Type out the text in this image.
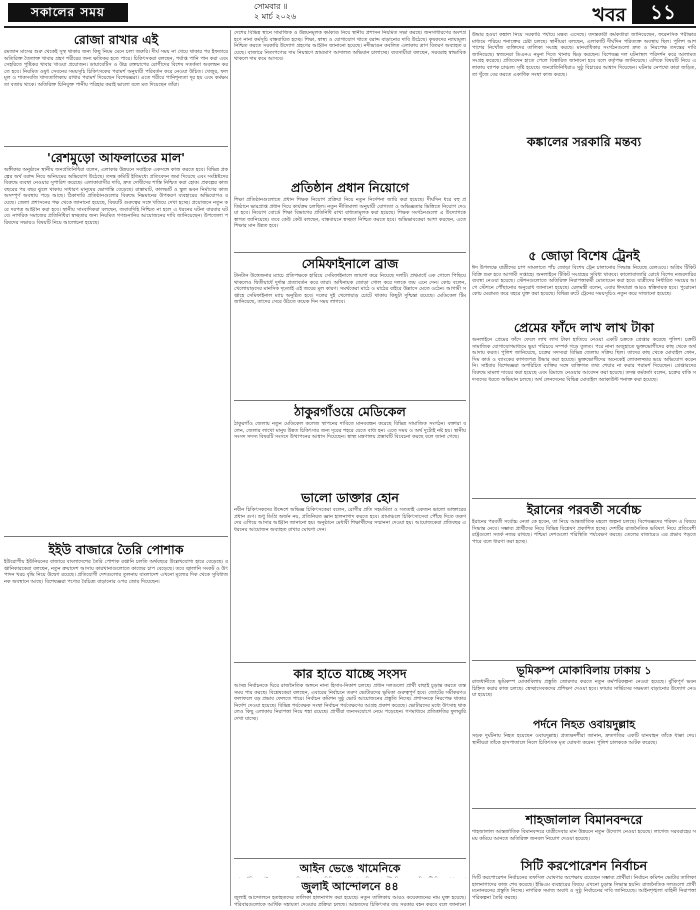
সকালের সময়	সোমবার ॥
২ মার্চ ২০২৬	খবর	১১
রোজা রাখার এই
রমজান মাসের শুরু থেকেই সুস্থ থাকার জন্য কিছু নিয়ম মেনে চলা জরুরি। দীর্ঘ সময় না খেয়ে থাকার পর ইফতারে অতিরিক্ত তৈলাক্ত খাবার গ্রহণ শরীরের জন্য ক্ষতিকর হতে পারে। চিকিৎসকরা বলছেন, পর্যাপ্ত পানি পান করা এবং সেহরিতে পুষ্টিকর খাবার খাওয়া প্রয়োজন। ডায়াবেটিস ও উচ্চ রক্তচাপের রোগীদের বিশেষ সতর্কতা অবলম্বন করতে হবে। নিয়মিত ওষুধ সেবনের সময়সূচি চিকিৎসকের পরামর্শ অনুযায়ী পরিবর্তন করে নেওয়া উচিত। খেজুর, ফলমূল ও শাকসবজি খাদ্যতালিকায় রাখার পরামর্শ দিয়েছেন বিশেষজ্ঞরা। এতে শরীরে পানিশূন্যতা দূর হয় এবং কর্মক্ষমতা বজায় থাকে। অতিরিক্ত চিনিযুক্ত পানীয় পরিহার করাই ভালো বলে মত দিয়েছেন তাঁরা।
'রেশমুড়ো আফলাতের মাল'
অঙ্গীকার অনুষ্ঠানে স্থানীয় জনপ্রতিনিধিরা বলেন, এলাকার উন্নয়নে সবাইকে একসঙ্গে কাজ করতে হবে। বিভিন্ন প্রকল্পের অর্থ বরাদ্দ নিয়ে অনিয়মের অভিযোগ উঠেছে। তদন্ত কমিটি ইতিমধ্যে প্রতিবেদন জমা দিয়েছে এবং সংশ্লিষ্টদের বিরুদ্ধে ব্যবস্থা নেওয়ার সুপারিশ করেছে। এলাকাবাসীর দাবি, দ্রুত দোষীদের শাস্তি নিশ্চিত করা হোক। প্রকল্পের কাজ বছরের পর বছর ঝুলে থাকায় সাধারণ মানুষের ভোগান্তি বেড়েছে। রাস্তাঘাট, কালভার্ট ও স্কুল ভবন নির্মাণের কাজ অসম্পূর্ণ অবস্থায় পড়ে আছে। ঠিকাদারি প্রতিষ্ঠানগুলোর বিরুদ্ধে নিম্নমানের উপকরণ ব্যবহারের অভিযোগও রয়েছে। জেলা প্রশাসনের পক্ষ থেকে জানানো হয়েছে, বিষয়টি গুরুত্বের সঙ্গে খতিয়ে দেখা হচ্ছে। প্রয়োজনে নতুন করে দরপত্র আহ্বান করা হবে। স্থানীয় সাংবাদিকরা বলছেন, জবাবদিহি নিশ্চিত না হলে এ ধরনের ঘটনা বারবার ঘটবে। নাগরিক সমাজের প্রতিনিধিরা স্বচ্ছতার জন্য নিয়মিত গণশুনানির আয়োজনের দাবি জানিয়েছেন। উপজেলা পরিষদের সভায়ও বিষয়টি নিয়ে আলোচনা হয়েছে।
ইইউ বাজারে তৈরি পোশাক
ইউরোপীয় ইউনিয়নের বাজারে বাংলাদেশের তৈরি পোশাক রপ্তানি চলতি অর্থবছরে উল্লেখযোগ্য হারে বেড়েছে। রপ্তানিকারকেরা বলছেন, নতুন ক্রয়াদেশ আসায় কারখানাগুলোতে কাজের চাপ বেড়েছে। তবে জ্বালানি সংকট ও উৎপাদন খরচ বৃদ্ধি নিয়ে উদ্বেগ রয়েছে। প্রতিযোগী দেশগুলোর তুলনায় বাংলাদেশ এখনো মূল্যের দিক থেকে সুবিধাজনক অবস্থানে আছে। বিশেষজ্ঞরা পণ্যের বৈচিত্র্য বাড়ানোর ওপর জোর দিয়েছেন।
প্রতিষ্ঠান প্রধান নিয়োগে
শিক্ষা প্রতিষ্ঠানগুলোতে প্রধান শিক্ষক নিয়োগ প্রক্রিয়া নিয়ে নতুন নির্দেশনা জারি করা হয়েছে। দীর্ঘদিন ধরে বহু প্রতিষ্ঠানে ভারপ্রাপ্ত প্রধান দিয়ে কার্যক্রম চলছিল। নতুন নীতিমালা অনুযায়ী যোগ্যতা ও অভিজ্ঞতার ভিত্তিতে নিয়োগ দেওয়া হবে। নিয়োগ বোর্ডে শিক্ষা বিভাগের প্রতিনিধি রাখা বাধ্যতামূলক করা হয়েছে। শিক্ষক সংগঠনগুলো এ উদ্যোগকে স্বাগত জানিয়েছে। তবে কেউ কেউ বলছেন, বাস্তবায়নে স্বচ্ছতা নিশ্চিত করতে হবে। অভিভাবকেরা আশা করছেন, এতে শিক্ষার মান উন্নত হবে।
সেমিফাইনালে ব্রাজ
টানটান উত্তেজনার ম্যাচে প্রতিপক্ষকে হারিয়ে সেমিফাইনালে জায়গা করে নিয়েছে দলটি। প্রথমার্ধে এক গোলে পিছিয়ে থাকলেও দ্বিতীয়ার্ধে দুর্দান্ত প্রত্যাবর্তন করে তারা। অধিনায়ক জোড়া গোল করে দলকে জয় এনে দেন। কোচ বলেন, খেলোয়াড়দের মানসিক দৃঢ়তাই এই জয়ের মূল কারণ। সমর্থকেরা মাঠে ও মাঠের বাইরে উল্লাসে মেতে ওঠেন। আগামী সপ্তাহে সেমিফাইনাল ম্যাচ অনুষ্ঠিত হবে। দলের দুই খেলোয়াড় চোটে থাকায় কিছুটা দুশ্চিন্তা রয়েছে। মেডিকেল টিম জানিয়েছে, তাদের সেরে উঠতে কয়েক দিন সময় লাগবে।
ঠাকুরগাঁওয়ে মেডিকেল
ঠাকুরগাঁও জেলায় নতুন মেডিকেল কলেজ স্থাপনের দাবিতে মানববন্ধন করেছে বিভিন্ন সামাজিক সংগঠন। বক্তারা বলেন, জেলার লাখো মানুষ উন্নত চিকিৎসার জন্য দূরের শহরে যেতে বাধ্য হন। এতে সময় ও অর্থ দুটোই নষ্ট হয়। স্থানীয় সংসদ সদস্য বিষয়টি সংসদে উত্থাপনের আশ্বাস দিয়েছেন। স্বাস্থ্য মন্ত্রণালয় প্রস্তাবটি বিবেচনা করছে বলে জানা গেছে।
ভালো ডাক্তার হোন
নবীন চিকিৎসকদের উদ্দেশে অভিজ্ঞ চিকিৎসকেরা বলেন, রোগীর প্রতি সহমর্মিতা ও সততাই একজন ভালো ডাক্তারের প্রধান গুণ। শুধু ডিগ্রি অর্জন নয়, প্রতিনিয়ত জ্ঞান হালনাগাদ করতে হবে। গ্রামাঞ্চলে চিকিৎসাসেবা পৌঁছে দিতে তরুণদের এগিয়ে আসার আহ্বান জানানো হয়। অনুষ্ঠানে মেধাবী শিক্ষার্থীদের সম্মাননা দেওয়া হয়। আয়োজকেরা প্রতিবছর এ ধরনের আয়োজন অব্যাহত রাখার ঘোষণা দেন।
কার হাতে যাচ্ছে সংসদ
আসন্ন নির্বাচনকে ঘিরে রাজনৈতিক অঙ্গনে নানা হিসাব-নিকাশ চলছে। প্রধান দলগুলো প্রার্থী বাছাই চূড়ান্ত করতে ব্যস্ত সময় পার করছে। বিশ্লেষকেরা বলছেন, এবারের নির্বাচনে তরুণ ভোটারদের ভূমিকা গুরুত্বপূর্ণ হবে। জোটের সমীকরণও ফলাফলে বড় প্রভাব ফেলতে পারে। নির্বাচন কমিশন সুষ্ঠু ভোট আয়োজনের প্রস্তুতি নিচ্ছে। প্রশাসনকে নিরপেক্ষ থাকার নির্দেশ দেওয়া হয়েছে। বিভিন্ন পর্যবেক্ষক সংস্থা নির্বাচন পর্যবেক্ষণের আগ্রহ প্রকাশ করেছে। ভোটারদের মধ্যে উৎসাহ থাকলেও কিছু এলাকায় নিরাপত্তা নিয়ে শঙ্কা রয়েছে। প্রার্থীরা জনসংযোগে নেমে পড়েছেন। গণমাধ্যমে প্রতিশ্রুতির ফুলঝুরি দেখা যাচ্ছে।
আইন ভেঙে খামেনিকে
জুলাই আন্দোলনে ৪৪
জুলাই আন্দোলনে হতাহতদের তালিকা হালনাগাদ করা হয়েছে। নতুন তালিকায় আরও কয়েকজনের নাম যুক্ত হয়েছে। পরিবারগুলোকে আর্থিক সহায়তা দেওয়ার প্রক্রিয়া চলছে। আহতদের চিকিৎসার ব্যয় সরকার বহন করবে বলে জানানো
দেশের বিভিন্ন স্থানে সামাজিক ও উন্নয়নমূলক কর্মকাণ্ড নিয়ে স্থানীয় প্রশাসন নিয়মিত সভা করছে। জনসাধারণের অংশগ্রহণে নানা কর্মসূচি বাস্তবায়িত হচ্ছে। শিক্ষা, স্বাস্থ্য ও যোগাযোগ খাতে বরাদ্দ বাড়ানোর দাবি উঠেছে। কৃষকদের ন্যায্যমূল্য নিশ্চিত করতে সরকারি উদ্যোগ গ্রহণের আহ্বান জানানো হয়েছে। নদীভাঙন কবলিত এলাকায় ত্রাণ বিতরণ অব্যাহত রয়েছে। বাজারে নিত্যপণ্যের দাম নিয়ন্ত্রণে ভ্রাম্যমাণ আদালত অভিযান চালাচ্ছে। ব্যবসায়ীরা বলছেন, সরবরাহ স্বাভাবিক থাকলে দাম কমে আসবে।
উদ্ধার হওয়া কঙ্কাল নিয়ে সরকারি পর্যায়ে মন্তব্য এসেছে। তদন্তকারী কর্মকর্তারা জানিয়েছেন, ফরেনসিক পরীক্ষার মাধ্যমে পরিচয় শনাক্তের চেষ্টা চলছে। স্থানীয়রা বলছেন, এলাকাটি দীর্ঘদিন পরিত্যক্ত অবস্থায় ছিল। পুলিশ আশপাশের নিখোঁজ ব্যক্তিদের তালিকা সংগ্রহ করছে। মানবাধিকার সংগঠনগুলো দ্রুত ও নিরপেক্ষ তদন্তের দাবি জানিয়েছে। স্বজনেরা ডিএনএ নমুনা দিতে থানায় ভিড় করছেন। বিশেষজ্ঞ দল ঘটনাস্থল পরিদর্শন করে আলামত সংগ্রহ করেছে। প্রতিবেদন হাতে পেলে বিস্তারিত জানানো হবে বলে কর্তৃপক্ষ জানিয়েছে। এদিকে বিষয়টি নিয়ে এলাকায় ব্যাপক চাঞ্চল্য সৃষ্টি হয়েছে। জনপ্রতিনিধিরাও সুষ্ঠু বিচারের আশ্বাস দিয়েছেন। ঘটনার নেপথ্যে কারা জড়িত, তা খুঁজে বের করতে একাধিক সংস্থা কাজ করছে।
কঙ্কালের সরকারি মন্তব্য
প্রেমের ফাঁদে লাখ লাখ টাকা
অনলাইনে প্রেমের ফাঁদে ফেলে লাখ লাখ টাকা হাতিয়ে নেওয়া একটি চক্রকে গ্রেপ্তার করেছে পুলিশ। চক্রটি সামাজিক যোগাযোগমাধ্যমে ভুয়া পরিচয়ে সম্পর্ক গড়ে তুলত। পরে নানা অজুহাতে ভুক্তভোগীদের কাছ থেকে অর্থ আদায় করত। পুলিশ জানিয়েছে, চক্রের সদস্যরা বিভিন্ন জেলায় সক্রিয় ছিল। তাদের কাছ থেকে মোবাইল ফোন, সিম কার্ড ও ব্যাংকের কাগজপত্র উদ্ধার করা হয়েছে। ভুক্তভোগীদের অনেকেই লোকলজ্জার ভয়ে অভিযোগ করেননি। সাইবার বিশেষজ্ঞরা অপরিচিত ব্যক্তির সঙ্গে ব্যক্তিগত তথ্য শেয়ার না করার পরামর্শ দিয়েছেন। গ্রেপ্তারদের বিরুদ্ধে মামলা দায়ের করা হয়েছে এবং রিমান্ডে নেওয়ার আবেদন করা হয়েছে। তদন্ত কর্মকর্তা বলেন, চক্রের বাকি সদস্যদের ধরতে অভিযান চলছে। অর্থ লেনদেনের বিভিন্ন মোবাইল অ্যাকাউন্ট শনাক্ত করা হয়েছে।
ইরানের পরবর্তী সর্বোচ্চ
ইরানের পরবর্তী সর্বোচ্চ নেতা কে হবেন, তা নিয়ে আন্তর্জাতিক মহলে জল্পনা চলছে। বিশেষজ্ঞদের পরিষদ এ বিষয়ে সিদ্ধান্ত নেবে। সম্ভাব্য প্রার্থীদের নিয়ে বিভিন্ন বিশ্লেষণ প্রকাশিত হচ্ছে। দেশটির রাজনৈতিক ভবিষ্যৎ নিয়ে প্রতিবেশী রাষ্ট্রগুলো সতর্ক নজর রাখছে। পশ্চিমা দেশগুলো পরিস্থিতি পর্যবেক্ষণ করছে। তেলের বাজারেও এর প্রভাব পড়তে পারে বলে ধারণা করা হচ্ছে।
ভূমিকম্প মোকাবিলায় ঢাকায় ১
রাজধানীতে ভূমিকম্প মোকাবিলায় প্রস্তুতি জোরদার করতে নতুন কর্মপরিকল্পনা নেওয়া হয়েছে। ঝুঁকিপূর্ণ ভবন চিহ্নিত করার কাজ চলছে। স্বেচ্ছাসেবকদের প্রশিক্ষণ দেওয়া হবে। ফায়ার সার্ভিসের সক্ষমতা বাড়ানোর উদ্যোগ নেওয়া হয়েছে।
পর্দনে নিহত ওবায়দুল্লাহ
সড়ক দুর্ঘটনায় নিহত হয়েছেন ওবায়দুল্লাহ। প্রত্যক্ষদর্শীরা জানান, দ্রুতগতির একটি যানবাহন তাঁকে ধাক্কা দেয়। স্থানীয়রা তাঁকে হাসপাতালে নিলে চিকিৎসক মৃত ঘোষণা করেন। পুলিশ চালককে আটক করেছে।
শাহজালাল বিমানবন্দরে
শাহজালাল আন্তর্জাতিক বিমানবন্দরে যাত্রীসেবার মান উন্নয়নে নতুন উদ্যোগ নেওয়া হয়েছে। লাগেজ সরবরাহের সময় কমিয়ে আনতে অতিরিক্ত জনবল নিয়োগ দেওয়া হয়েছে।
সিটি করপোরেশন নির্বাচন
সিটি করপোরেশন নির্বাচনের তফসিল ঘোষণার অপেক্ষায় রয়েছেন সম্ভাব্য প্রার্থীরা। নির্বাচন কমিশন ভোটার তালিকা হালনাগাদের কাজ শেষ করেছে। ইভিএম ব্যবহারের বিষয়ে এখনো চূড়ান্ত সিদ্ধান্ত হয়নি। রাজনৈতিক দলগুলো প্রার্থী মনোনয়নের প্রস্তুতি নিচ্ছে। নাগরিক সমাজ অবাধ ও সুষ্ঠু নির্বাচনের দাবি জানিয়েছে। আইনশৃঙ্খলা বাহিনী নিরাপত্তা পরিকল্পনা তৈরি করছে।
৫ জোড়া বিশেষ ট্রেনই
ঈদ উপলক্ষে যাত্রীদের চাপ সামলাতে পাঁচ জোড়া বিশেষ ট্রেন চালানোর সিদ্ধান্ত নিয়েছে রেলওয়ে। অগ্রিম টিকিট বিক্রি শুরু হবে আগামী সপ্তাহে। অনলাইনে টিকিট সংগ্রহের সুবিধা থাকবে। কালোবাজারি রোধে বিশেষ নজরদারির ব্যবস্থা নেওয়া হয়েছে। স্টেশনগুলোতে অতিরিক্ত নিরাপত্তাকর্মী মোতায়েন করা হবে। যাত্রীদের নির্ধারিত সময়ের আগে স্টেশনে পৌঁছানোর অনুরোধ জানানো হয়েছে। রেলমন্ত্রী বলেন, এবার ঈদযাত্রা আরও স্বস্তিদায়ক হবে। পুরোনো কোচ মেরামত করে বহরে যুক্ত করা হয়েছে। বিভিন্ন রুটে ট্রেনের সময়সূচিও নতুন করে সাজানো হয়েছে।
